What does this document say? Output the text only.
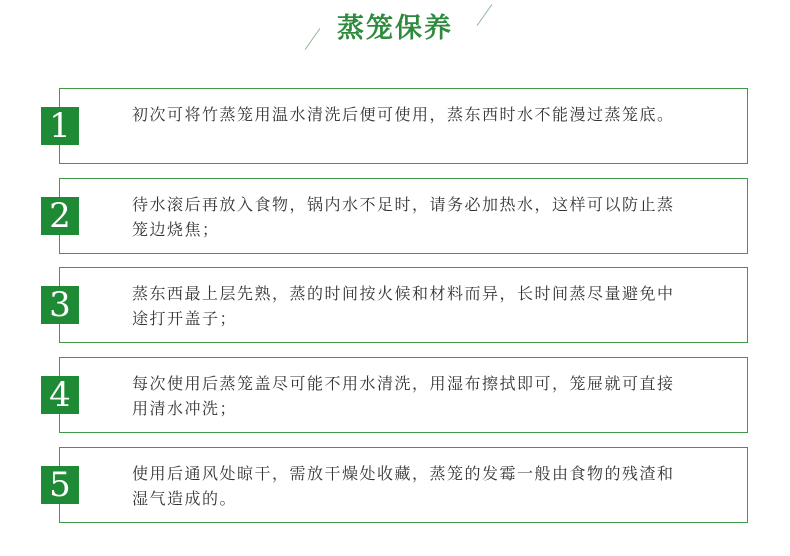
蒸笼保养
1	初次可将竹蒸笼用温水清洗后便可使用，蒸东西时水不能漫过蒸笼底。
2	待水滚后再放入食物，锅内水不足时，请务必加热水，这样可以防止蒸笼边烧焦；
3	蒸东西最上层先熟，蒸的时间按火候和材料而异，长时间蒸尽量避免中途打开盖子；
4	每次使用后蒸笼盖尽可能不用水清洗，用湿布擦拭即可，笼屉就可直接用清水冲洗；
5	使用后通风处晾干，需放干燥处收藏，蒸笼的发霉一般由食物的残渣和湿气造成的。
